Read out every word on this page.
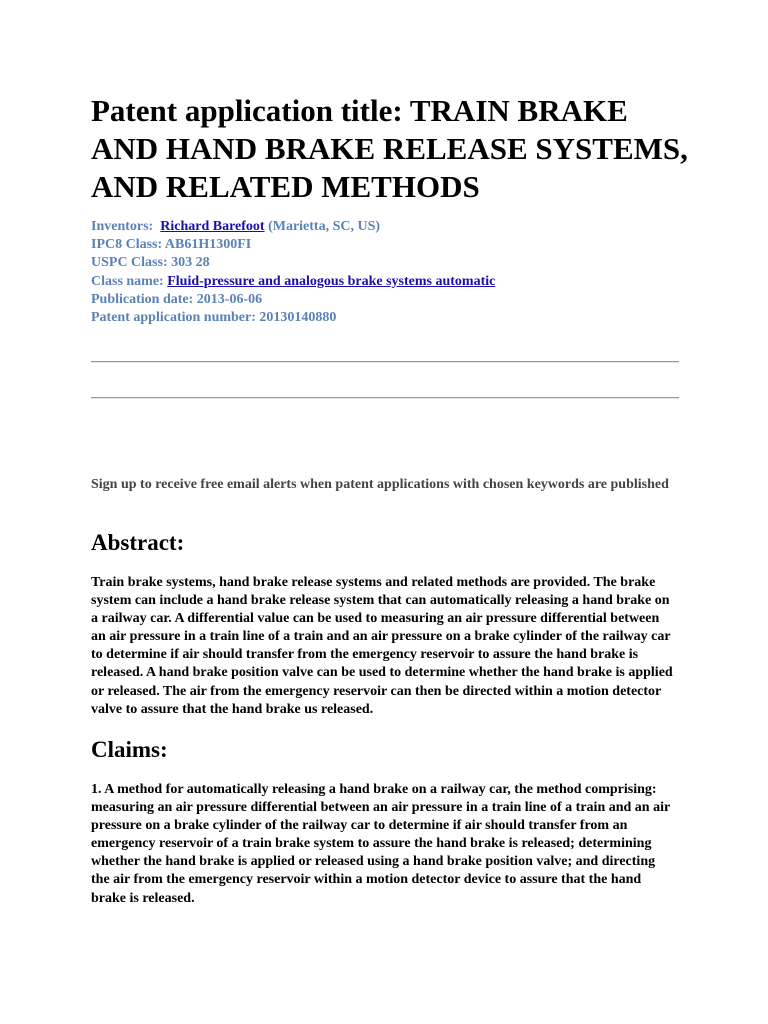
Patent application title: TRAIN BRAKE AND HAND BRAKE RELEASE SYSTEMS, AND RELATED METHODS
Inventors: Richard Barefoot (Marietta, SC, US)
IPC8 Class: AB61H1300FI
USPC Class: 303 28
Class name: Fluid-pressure and analogous brake systems automatic
Publication date: 2013-06-06
Patent application number: 20130140880
Sign up to receive free email alerts when patent applications with chosen keywords are published
Abstract:

Train brake systems, hand brake release systems and related methods are provided. The brake system can include a hand brake release system that can automatically releasing a hand brake on a railway car. A differential value can be used to measuring an air pressure differential between an air pressure in a train line of a train and an air pressure on a brake cylinder of the railway car to determine if air should transfer from the emergency reservoir to assure the hand brake is released. A hand brake position valve can be used to determine whether the hand brake is applied or released. The air from the emergency reservoir can then be directed within a motion detector valve to assure that the hand brake us released.

Claims:

1. A method for automatically releasing a hand brake on a railway car, the method comprising: measuring an air pressure differential between an air pressure in a train line of a train and an air pressure on a brake cylinder of the railway car to determine if air should transfer from an emergency reservoir of a train brake system to assure the hand brake is released; determining whether the hand brake is applied or released using a hand brake position valve; and directing the air from the emergency reservoir within a motion detector device to assure that the hand brake is released.
